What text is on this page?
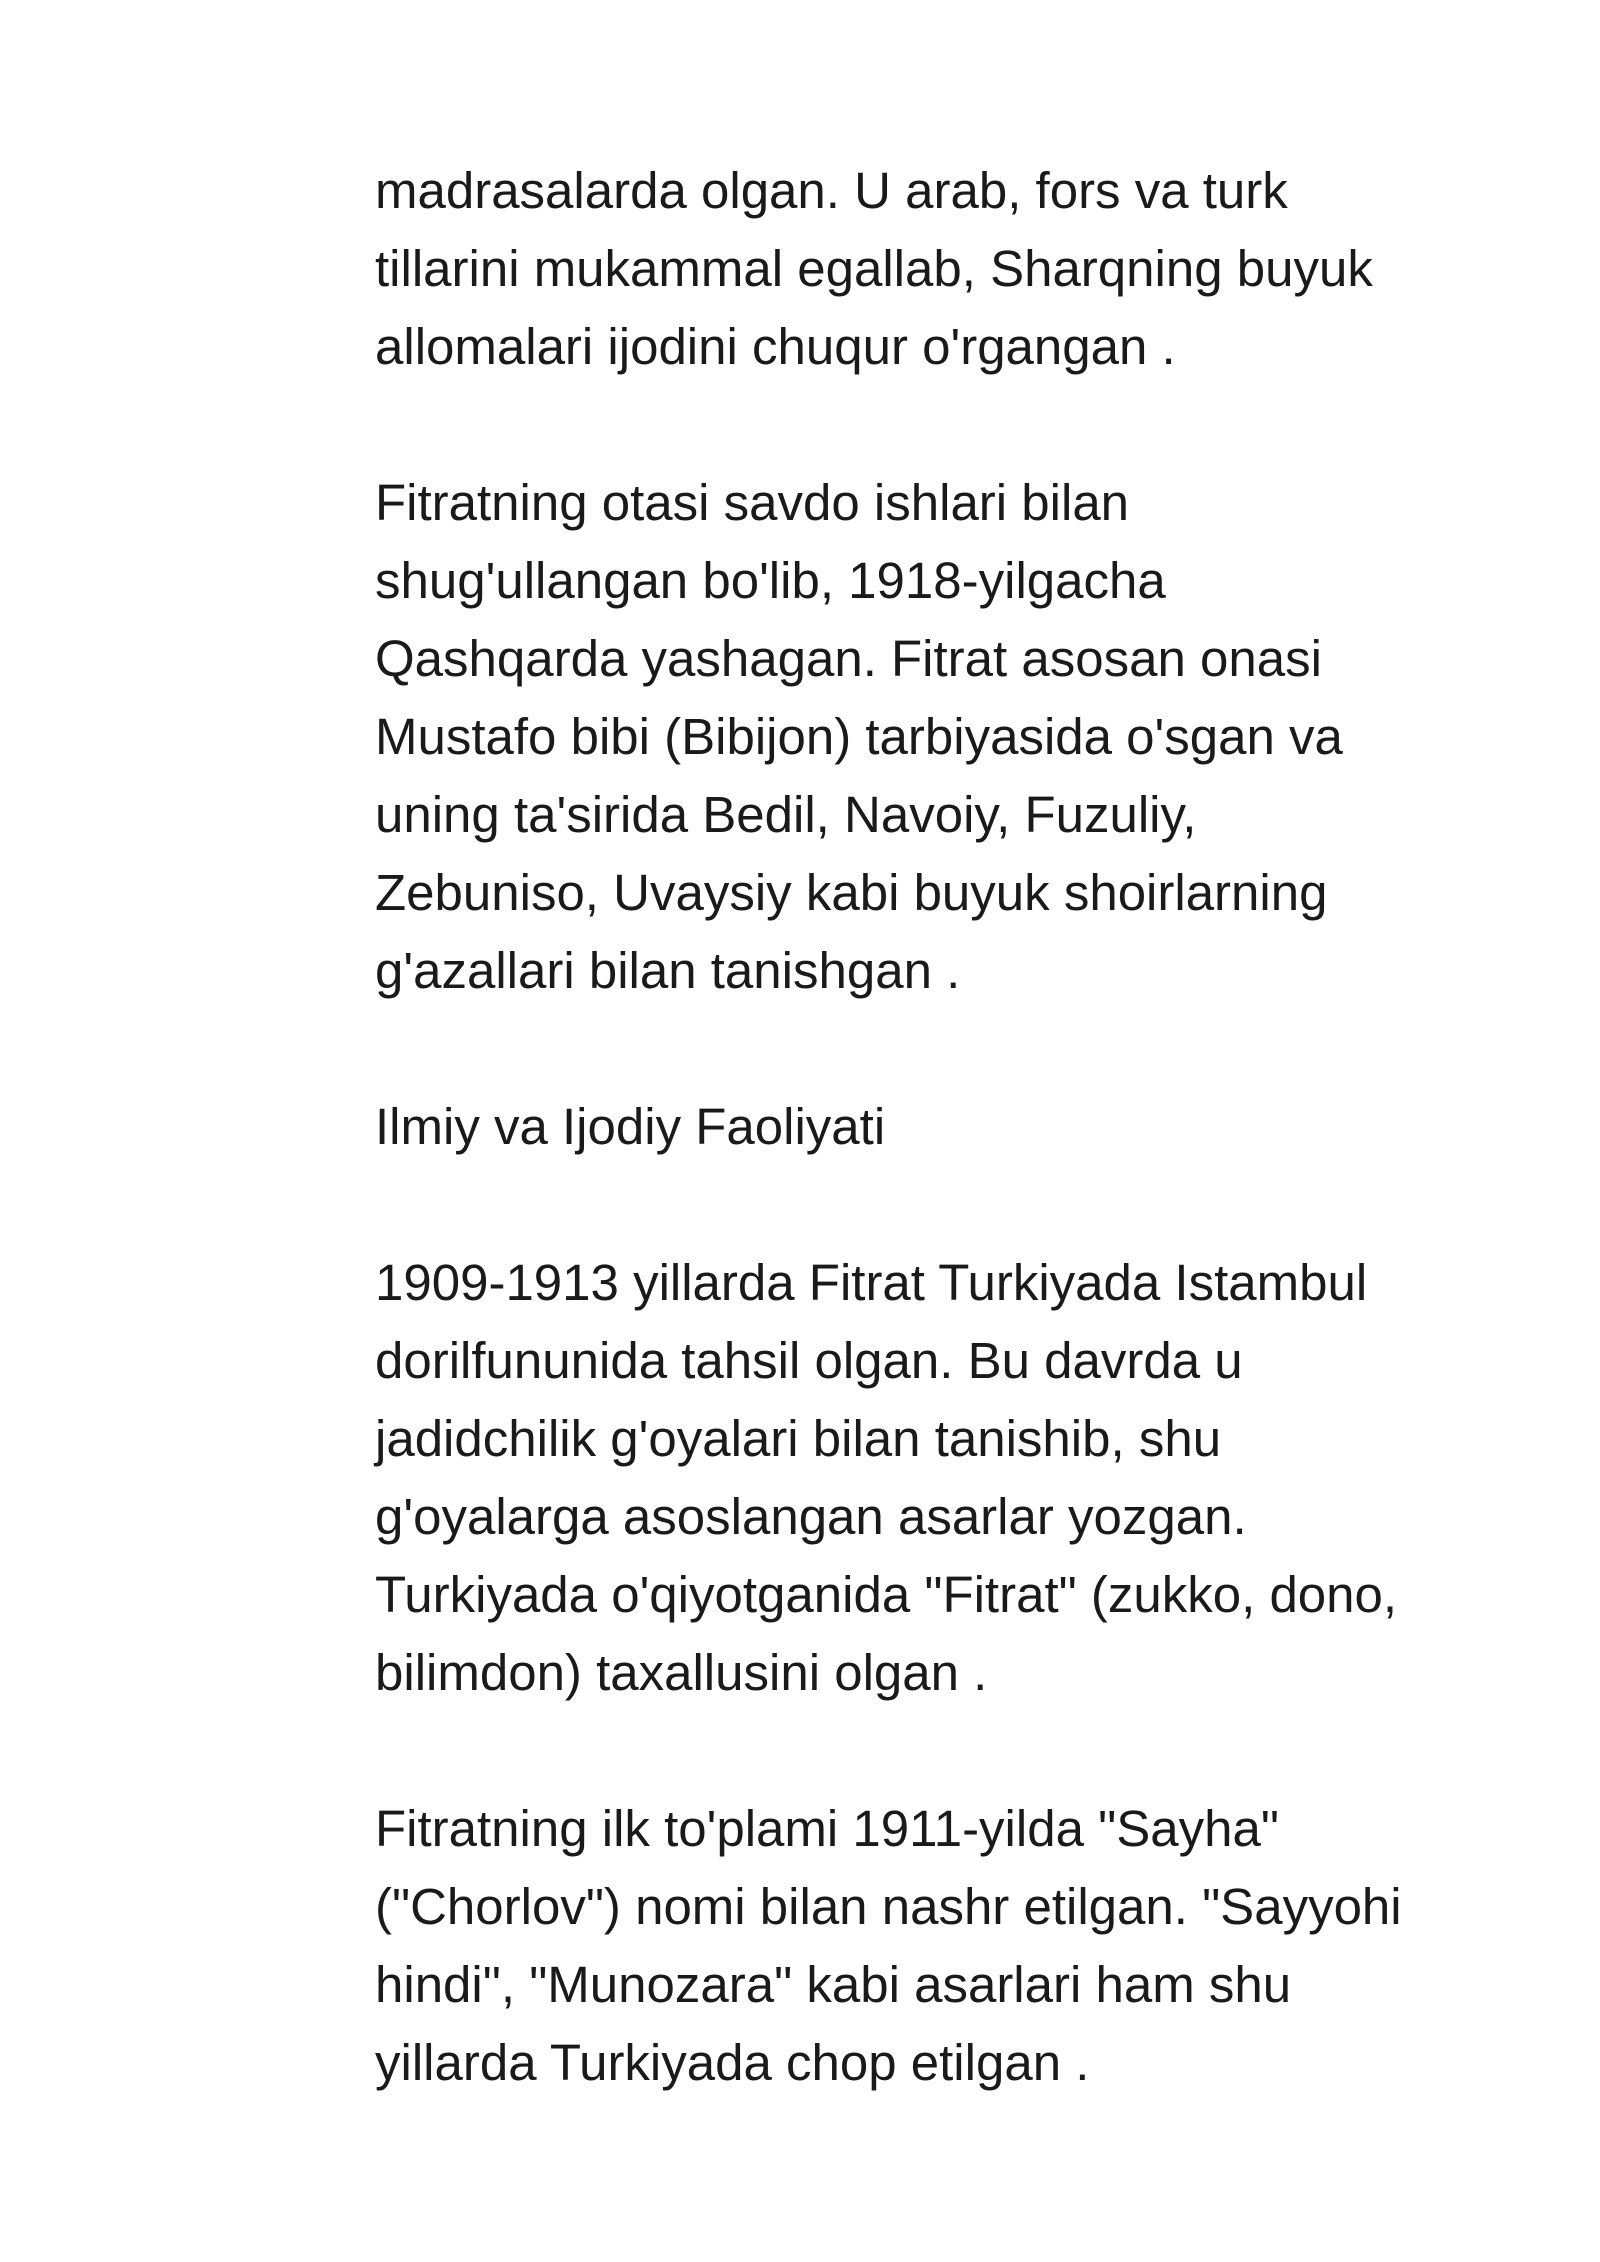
madrasalarda olgan. U arab, fors va turk
tillarini mukammal egallab, Sharqning buyuk
allomalari ijodini chuqur o'rgangan .
Fitratning otasi savdo ishlari bilan
shug'ullangan bo'lib, 1918-yilgacha
Qashqarda yashagan. Fitrat asosan onasi
Mustafo bibi (Bibijon) tarbiyasida o'sgan va
uning ta'sirida Bedil, Navoiy, Fuzuliy,
Zebuniso, Uvaysiy kabi buyuk shoirlarning
g'azallari bilan tanishgan .
Ilmiy va Ijodiy Faoliyati
1909-1913 yillarda Fitrat Turkiyada Istambul
dorilfununida tahsil olgan. Bu davrda u
jadidchilik g'oyalari bilan tanishib, shu
g'oyalarga asoslangan asarlar yozgan.
Turkiyada o'qiyotganida "Fitrat" (zukko, dono,
bilimdon) taxallusini olgan .
Fitratning ilk to'plami 1911-yilda "Sayha"
("Chorlov") nomi bilan nashr etilgan. "Sayyohi
hindi", "Munozara" kabi asarlari ham shu
yillarda Turkiyada chop etilgan .
